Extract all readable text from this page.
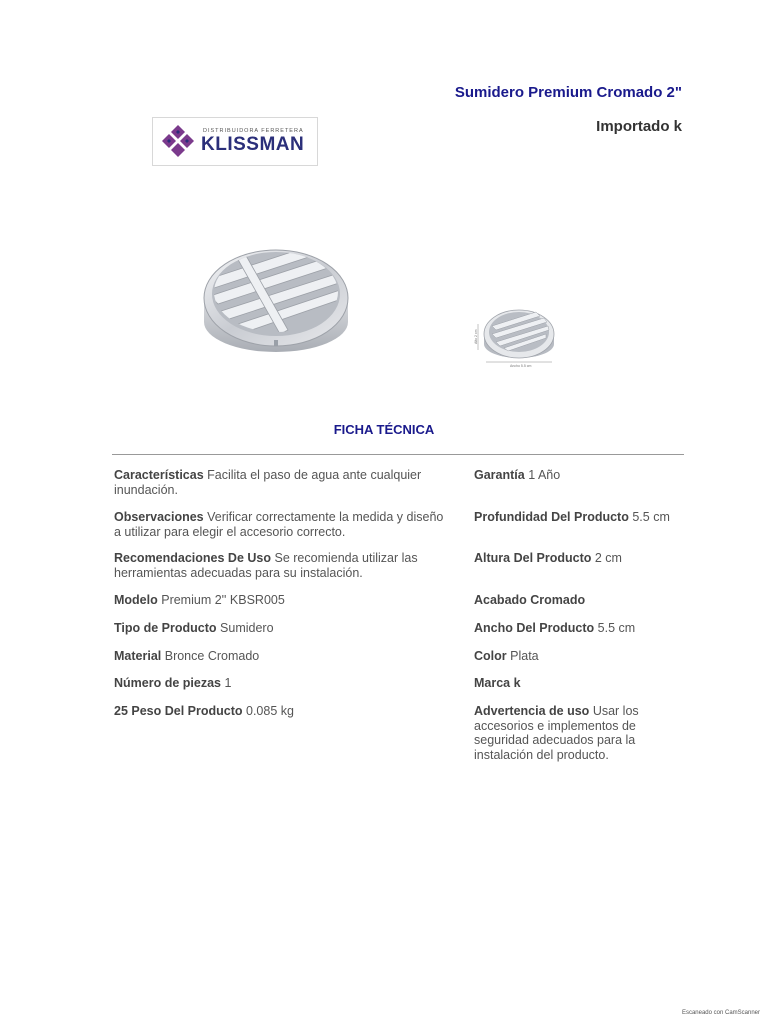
Sumidero Premium Cromado 2"
Importado k
DISTRIBUIDORA FERRETERA
KLISSMAN
Alto 2 cm
Ancho 5.5 cm
FICHA TÉCNICA
Características Facilita el paso de agua ante cualquier inundación.
Observaciones Verificar correctamente la medida y diseño a utilizar para elegir el accesorio correcto.
Recomendaciones De Uso Se recomienda utilizar las herramientas adecuadas para su instalación.
Modelo Premium 2'' KBSR005
Tipo de Producto Sumidero
Material Bronce Cromado
Número de piezas 1
25 Peso Del Producto 0.085 kg
Garantía 1 Año
Profundidad Del Producto 5.5 cm
Altura Del Producto 2 cm
Acabado Cromado
Ancho Del Producto 5.5 cm
Color Plata
Marca k
Advertencia de uso Usar los accesorios e implementos de seguridad adecuados para la instalación del producto.
Escaneado con CamScanner
